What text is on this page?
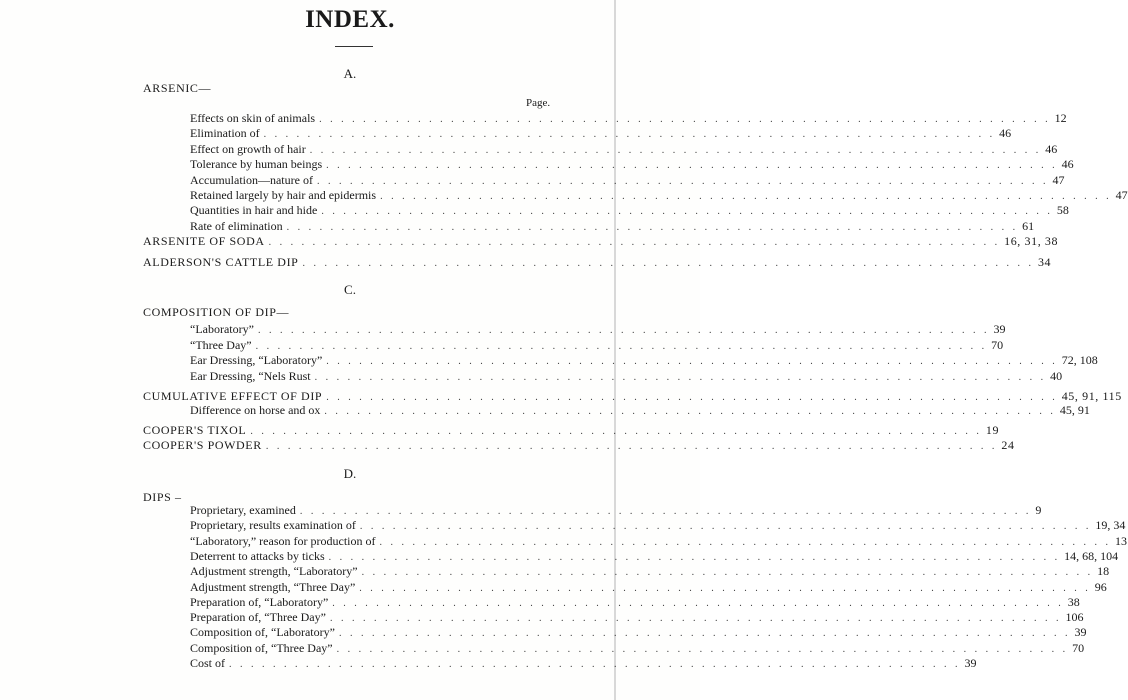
INDEX.
A.
ARSENIC—
Page.
Effects on skin of animals . . . . . . . . . . . . . . . . . . . . . . . . . . . . . . . . . . . . . . . . . . . . . . . . . . . . . . . . . . . . . . . . . . . 12
Elimination of . . . . . . . . . . . . . . . . . . . . . . . . . . . . . . . . . . . . . . . . . . . . . . . . . . . . . . . . . . . . . . . . . . . 46
Effect on growth of hair . . . . . . . . . . . . . . . . . . . . . . . . . . . . . . . . . . . . . . . . . . . . . . . . . . . . . . . . . . . . . . . . . . . 46
Tolerance by human beings . . . . . . . . . . . . . . . . . . . . . . . . . . . . . . . . . . . . . . . . . . . . . . . . . . . . . . . . . . . . . . . . . . . 46
Accumulation—nature of . . . . . . . . . . . . . . . . . . . . . . . . . . . . . . . . . . . . . . . . . . . . . . . . . . . . . . . . . . . . . . . . . . . 47
Retained largely by hair and epidermis . . . . . . . . . . . . . . . . . . . . . . . . . . . . . . . . . . . . . . . . . . . . . . . . . . . . . . . . . . . . . . . . . . . 47
Quantities in hair and hide . . . . . . . . . . . . . . . . . . . . . . . . . . . . . . . . . . . . . . . . . . . . . . . . . . . . . . . . . . . . . . . . . . . 58
Rate of elimination . . . . . . . . . . . . . . . . . . . . . . . . . . . . . . . . . . . . . . . . . . . . . . . . . . . . . . . . . . . . . . . . . . . 61
ARSENITE OF SODA . . . . . . . . . . . . . . . . . . . . . . . . . . . . . . . . . . . . . . . . . . . . . . . . . . . . . . . . . . . . . . . . . . . 16, 31, 38
ALDERSON'S CATTLE DIP . . . . . . . . . . . . . . . . . . . . . . . . . . . . . . . . . . . . . . . . . . . . . . . . . . . . . . . . . . . . . . . . . . . 34
C.
COMPOSITION OF DIP—
“Laboratory” . . . . . . . . . . . . . . . . . . . . . . . . . . . . . . . . . . . . . . . . . . . . . . . . . . . . . . . . . . . . . . . . . . . 39
“Three Day” . . . . . . . . . . . . . . . . . . . . . . . . . . . . . . . . . . . . . . . . . . . . . . . . . . . . . . . . . . . . . . . . . . . 70
Ear Dressing, “Laboratory” . . . . . . . . . . . . . . . . . . . . . . . . . . . . . . . . . . . . . . . . . . . . . . . . . . . . . . . . . . . . . . . . . . . 72, 108
Ear Dressing, “Nels Rust . . . . . . . . . . . . . . . . . . . . . . . . . . . . . . . . . . . . . . . . . . . . . . . . . . . . . . . . . . . . . . . . . . . 40
CUMULATIVE EFFECT OF DIP . . . . . . . . . . . . . . . . . . . . . . . . . . . . . . . . . . . . . . . . . . . . . . . . . . . . . . . . . . . . . . . . . . . 45, 91, 115
Difference on horse and ox . . . . . . . . . . . . . . . . . . . . . . . . . . . . . . . . . . . . . . . . . . . . . . . . . . . . . . . . . . . . . . . . . . . 45, 91
COOPER'S TIXOL . . . . . . . . . . . . . . . . . . . . . . . . . . . . . . . . . . . . . . . . . . . . . . . . . . . . . . . . . . . . . . . . . . . 19
COOPER'S POWDER . . . . . . . . . . . . . . . . . . . . . . . . . . . . . . . . . . . . . . . . . . . . . . . . . . . . . . . . . . . . . . . . . . . 24
D.
DIPS –
Proprietary, examined . . . . . . . . . . . . . . . . . . . . . . . . . . . . . . . . . . . . . . . . . . . . . . . . . . . . . . . . . . . . . . . . . . . 9
Proprietary, results examination of . . . . . . . . . . . . . . . . . . . . . . . . . . . . . . . . . . . . . . . . . . . . . . . . . . . . . . . . . . . . . . . . . . . 19, 34
“Laboratory,” reason for production of . . . . . . . . . . . . . . . . . . . . . . . . . . . . . . . . . . . . . . . . . . . . . . . . . . . . . . . . . . . . . . . . . . . 13
Deterrent to attacks by ticks . . . . . . . . . . . . . . . . . . . . . . . . . . . . . . . . . . . . . . . . . . . . . . . . . . . . . . . . . . . . . . . . . . . 14, 68, 104
Adjustment strength, “Laboratory” . . . . . . . . . . . . . . . . . . . . . . . . . . . . . . . . . . . . . . . . . . . . . . . . . . . . . . . . . . . . . . . . . . . 18
Adjustment strength, “Three Day” . . . . . . . . . . . . . . . . . . . . . . . . . . . . . . . . . . . . . . . . . . . . . . . . . . . . . . . . . . . . . . . . . . . 96
Preparation of, “Laboratory” . . . . . . . . . . . . . . . . . . . . . . . . . . . . . . . . . . . . . . . . . . . . . . . . . . . . . . . . . . . . . . . . . . . 38
Preparation of, “Three Day” . . . . . . . . . . . . . . . . . . . . . . . . . . . . . . . . . . . . . . . . . . . . . . . . . . . . . . . . . . . . . . . . . . . 106
Composition of, “Laboratory” . . . . . . . . . . . . . . . . . . . . . . . . . . . . . . . . . . . . . . . . . . . . . . . . . . . . . . . . . . . . . . . . . . . 39
Composition of, “Three Day” . . . . . . . . . . . . . . . . . . . . . . . . . . . . . . . . . . . . . . . . . . . . . . . . . . . . . . . . . . . . . . . . . . . 70
Cost of . . . . . . . . . . . . . . . . . . . . . . . . . . . . . . . . . . . . . . . . . . . . . . . . . . . . . . . . . . . . . . . . . . . 39
